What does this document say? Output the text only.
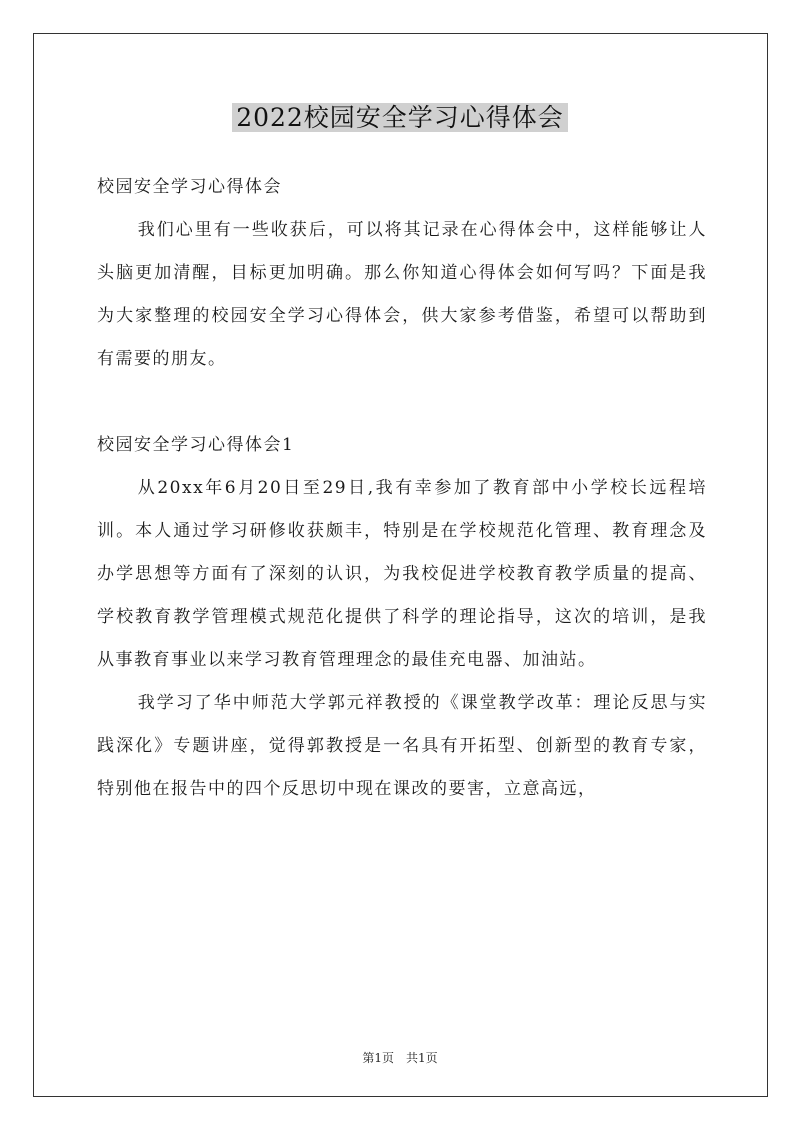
2022校园安全学习心得体会

校园安全学习心得体会

我们心里有一些收获后，可以将其记录在心得体会中，这样能够让人头脑更加清醒，目标更加明确。那么你知道心得体会如何写吗？下面是我为大家整理的校园安全学习心得体会，供大家参考借鉴，希望可以帮助到有需要的朋友。

校园安全学习心得体会1

从20xx年6月20日至29日,我有幸参加了教育部中小学校长远程培训。本人通过学习研修收获颇丰，特别是在学校规范化管理、教育理念及办学思想等方面有了深刻的认识，为我校促进学校教育教学质量的提高、学校教育教学管理模式规范化提供了科学的理论指导，这次的培训，是我从事教育事业以来学习教育管理理念的最佳充电器、加油站。

我学习了华中师范大学郭元祥教授的《课堂教学改革：理论反思与实践深化》专题讲座，觉得郭教授是一名具有开拓型、创新型的教育专家，特别他在报告中的四个反思切中现在课改的要害，立意高远，

第1页　共1页
